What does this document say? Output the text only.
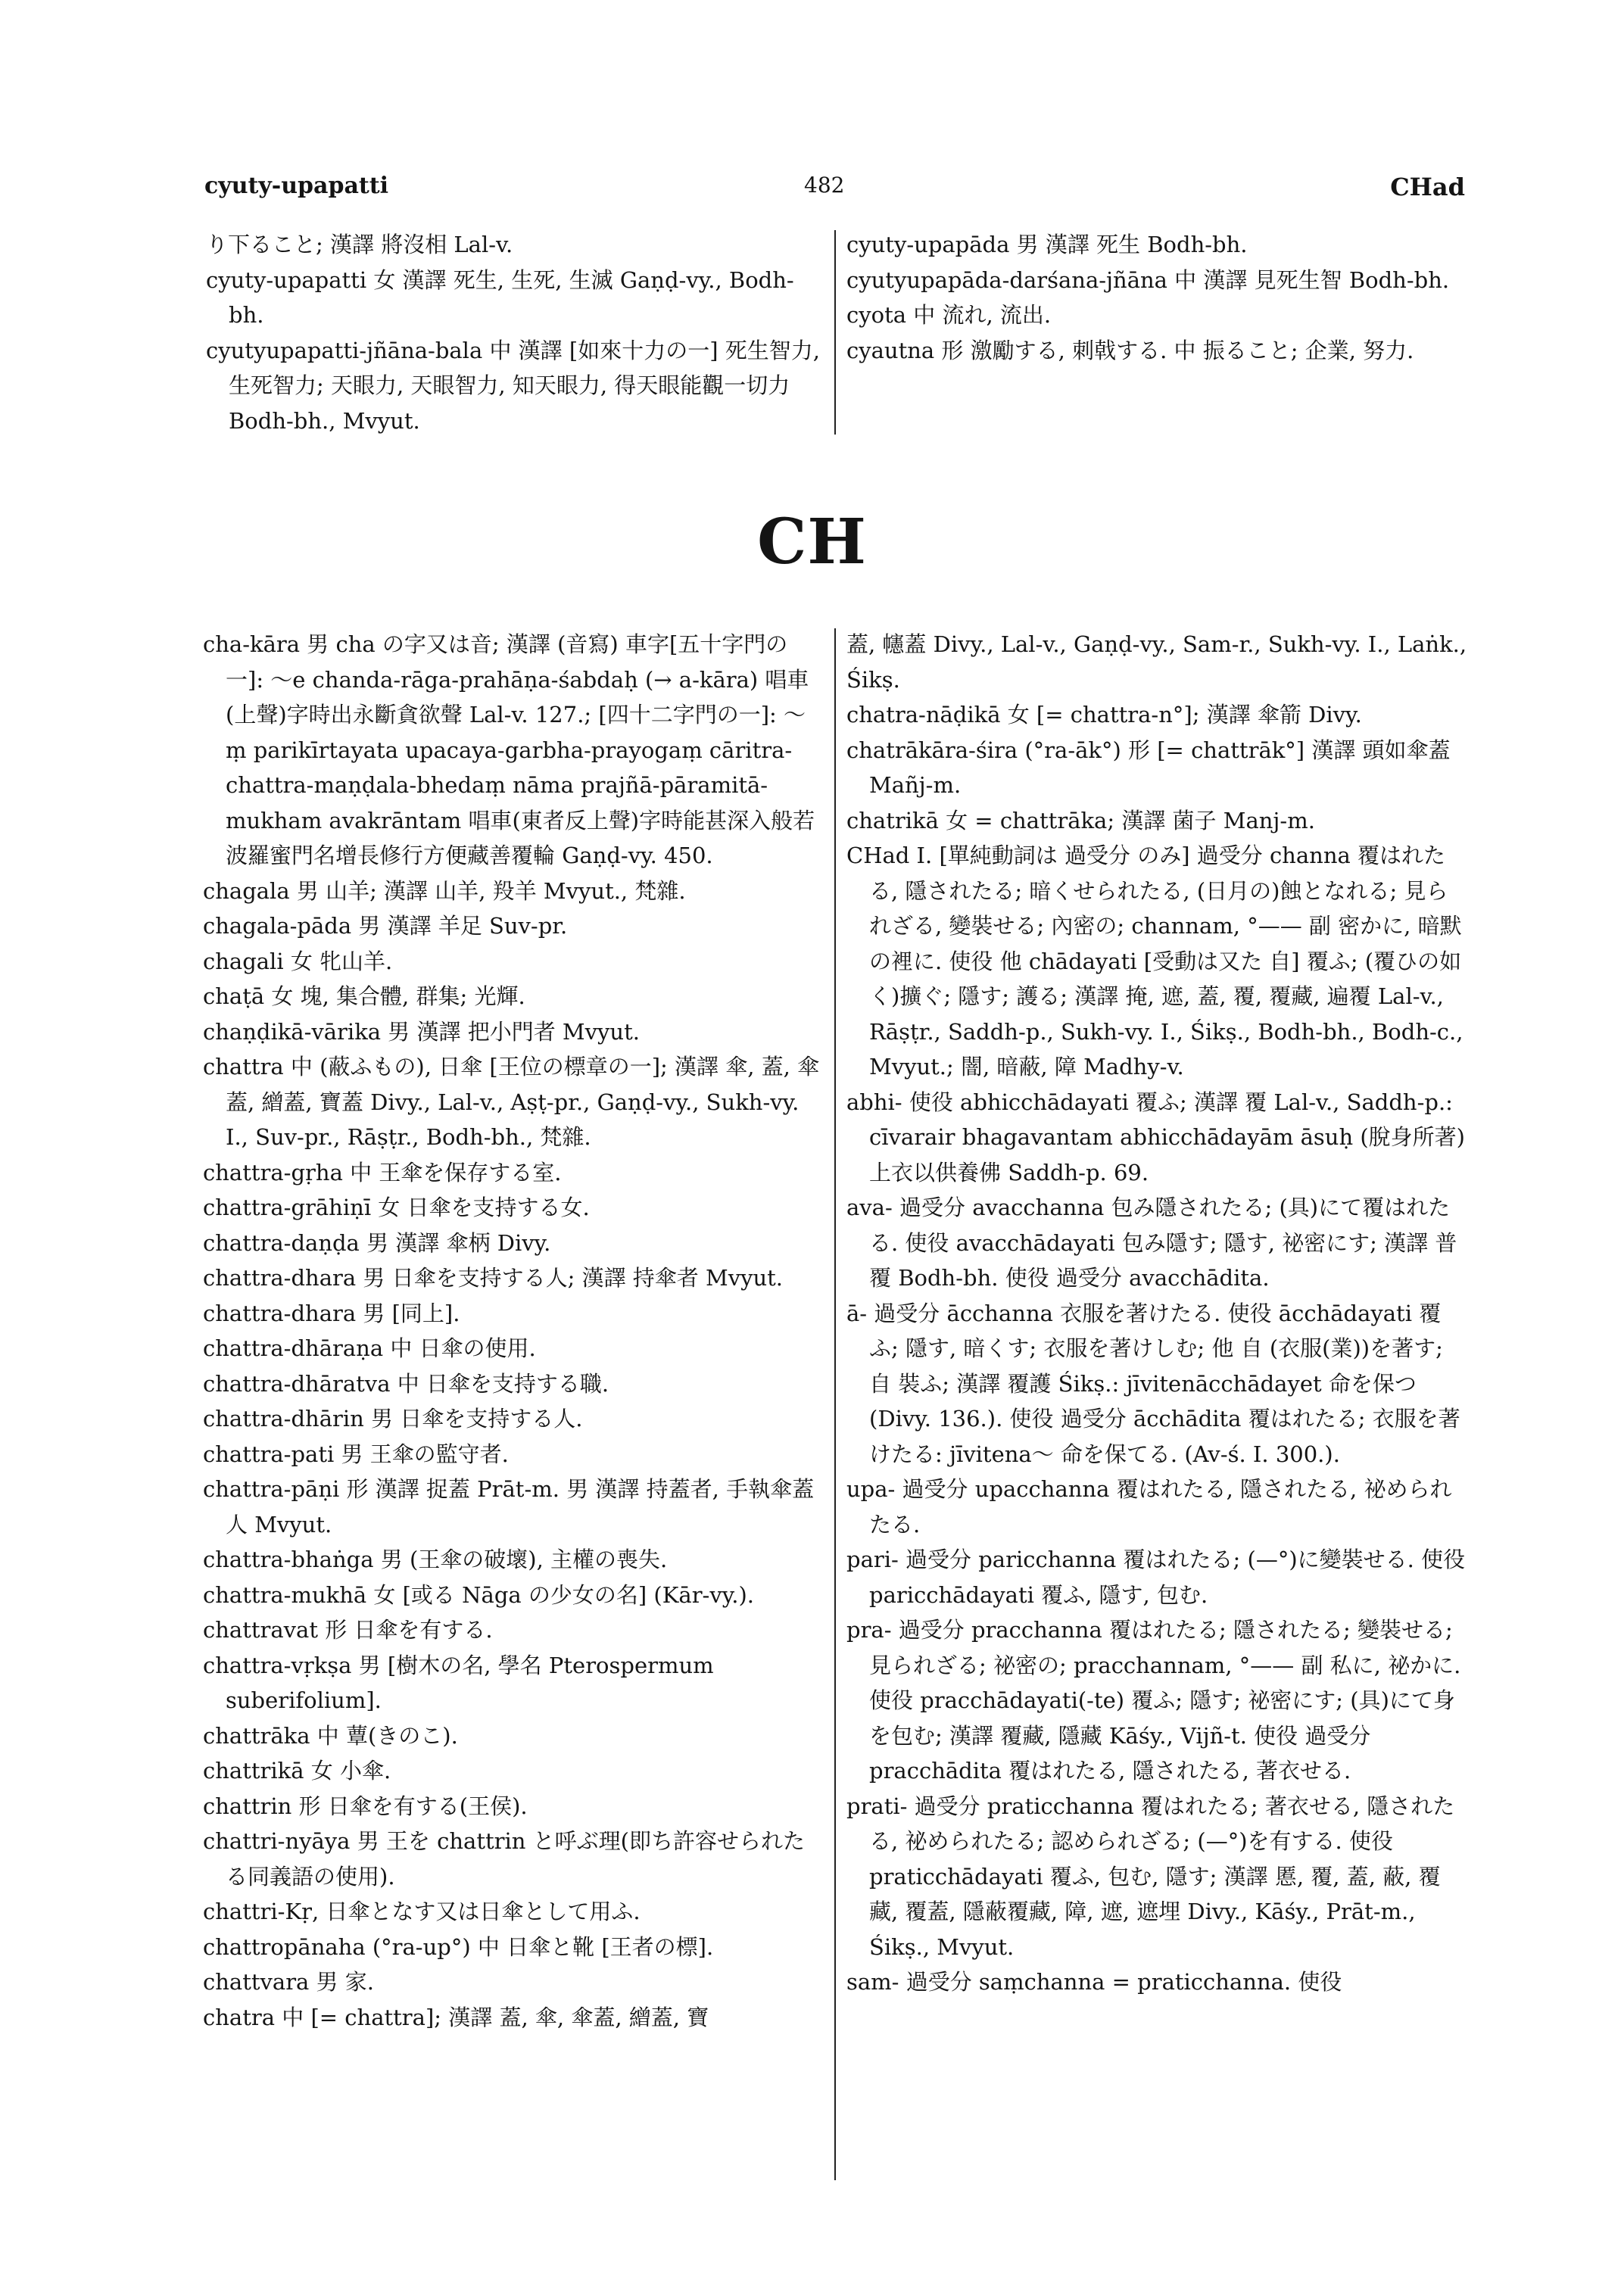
cyuty-upapatti	482	CHad

り下ること; 漢譯 將沒相 Lal-v.

cyuty-upapatti 女 漢譯 死生, 生死, 生滅 Gaṇḍ-vy., Bodh-bh.

cyutyupapatti-jñāna-bala 中 漢譯 [如來十力の一] 死生智力, 生死智力; 天眼力, 天眼智力, 知天眼力, 得天眼能觀一切力 Bodh-bh., Mvyut.

cyuty-upapāda 男 漢譯 死生 Bodh-bh.

cyutyupapāda-darśana-jñāna 中 漢譯 見死生智 Bodh-bh.

cyota 中 流れ, 流出.

cyautna 形 激勵する, 刺戟する. 中 振ること; 企業, 努力.

CH

cha-kāra 男 cha の字又は音; 漢譯 (音寫) 車字[五十字門の一]: ～e chanda-rāga-prahāṇa-śabdaḥ (→ a-kāra) 唱車(上聲)字時出永斷貪欲聲 Lal-v. 127.; [四十二字門の一]: ～ṃ parikīrtayata upacaya-garbha-prayogaṃ cāritra-chattra-maṇḍala-bhedaṃ nāma prajñā-pāramitā-mukham avakrāntam 唱車(東者反上聲)字時能甚深入般若波羅蜜門名增長修行方便藏善覆輪 Gaṇḍ-vy. 450.

chagala 男 山羊; 漢譯 山羊, 羖羊 Mvyut., 梵雜.

chagala-pāda 男 漢譯 羊足 Suv-pr.

chagali 女 牝山羊.

chaṭā 女 塊, 集合體, 群集; 光輝.

chaṇḍikā-vārika 男 漢譯 把小門者 Mvyut.

chattra 中 (蔽ふもの), 日傘 [王位の標章の一]; 漢譯 傘, 蓋, 傘蓋, 繒蓋, 寶蓋 Divy., Lal-v., Aṣṭ-pr., Gaṇḍ-vy., Sukh-vy. I., Suv-pr., Rāṣṭr., Bodh-bh., 梵雜.

chattra-gṛha 中 王傘を保存する室.

chattra-grāhiṇī 女 日傘を支持する女.

chattra-daṇḍa 男 漢譯 傘柄 Divy.

chattra-dhara 男 日傘を支持する人; 漢譯 持傘者 Mvyut.

chattra-dhara 男 [同上].

chattra-dhāraṇa 中 日傘の使用.

chattra-dhāratva 中 日傘を支持する職.

chattra-dhārin 男 日傘を支持する人.

chattra-pati 男 王傘の監守者.

chattra-pāṇi 形 漢譯 捉蓋 Prāt-m. 男 漢譯 持蓋者, 手執傘蓋人 Mvyut.

chattra-bhaṅga 男 (王傘の破壞), 主權の喪失.

chattra-mukhā 女 [或る Nāga の少女の名] (Kār-vy.).

chattravat 形 日傘を有する.

chattra-vṛkṣa 男 [樹木の名, 學名 Pterospermum suberifolium].

chattrāka 中 蕈(きのこ).

chattrikā 女 小傘.

chattrin 形 日傘を有する(王侯).

chattri-nyāya 男 王を chattrin と呼ぶ理(即ち許容せられたる同義語の使用).

chattri-Kṛ, 日傘となす又は日傘として用ふ.

chattropānaha (°ra-up°) 中 日傘と靴 [王者の標].

chattvara 男 家.

chatra 中 [= chattra]; 漢譯 蓋, 傘, 傘蓋, 繒蓋, 寶

蓋, 幰蓋 Divy., Lal-v., Gaṇḍ-vy., Sam-r., Sukh-vy. I., Laṅk., Śikṣ.

chatra-nāḍikā 女 [= chattra-n°]; 漢譯 傘箭 Divy.

chatrākāra-śira (°ra-āk°) 形 [= chattrāk°] 漢譯 頭如傘蓋 Mañj-m.

chatrikā 女 = chattrāka; 漢譯 菌子 Manj-m.

CHad I. [單純動詞は 過受分 のみ] 過受分 channa 覆はれたる, 隱されたる; 暗くせられたる, (日月の)蝕となれる; 見られざる, 變裝せる; 內密の; channam, °—— 副 密かに, 暗默の裡に. 使役 他 chādayati [受動は又た 自] 覆ふ; (覆ひの如く)擴ぐ; 隱す; 護る; 漢譯 掩, 遮, 蓋, 覆, 覆藏, 遍覆 Lal-v., Rāṣṭr., Saddh-p., Sukh-vy. I., Śikṣ., Bodh-bh., Bodh-c., Mvyut.; 闇, 暗蔽, 障 Madhy-v.

abhi- 使役 abhicchādayati 覆ふ; 漢譯 覆 Lal-v., Saddh-p.: cīvarair bhagavantam abhicchādayām āsuḥ (脫身所著)上衣以供養佛 Saddh-p. 69.

ava- 過受分 avacchanna 包み隱されたる; (具)にて覆はれたる. 使役 avacchādayati 包み隱す; 隱す, 祕密にす; 漢譯 普覆 Bodh-bh. 使役 過受分 avacchādita.

ā- 過受分 ācchanna 衣服を著けたる. 使役 ācchādayati 覆ふ; 隱す, 暗くす; 衣服を著けしむ; 他 自 (衣服(業))を著す; 自 裝ふ; 漢譯 覆護 Śikṣ.: jīvitenācchādayet 命を保つ (Divy. 136.). 使役 過受分 ācchādita 覆はれたる; 衣服を著けたる: jīvitena～ 命を保てる. (Av-ś. I. 300.).

upa- 過受分 upacchanna 覆はれたる, 隱されたる, 祕められたる.

pari- 過受分 paricchanna 覆はれたる; (—°)に變裝せる. 使役 paricchādayati 覆ふ, 隱す, 包む.

pra- 過受分 pracchanna 覆はれたる; 隱されたる; 變裝せる; 見られざる; 祕密の; pracchannam, °—— 副 私に, 祕かに. 使役 pracchādayati(-te) 覆ふ; 隱す; 祕密にす; (具)にて身を包む; 漢譯 覆藏, 隱藏 Kāśy., Vijñ-t. 使役 過受分 pracchādita 覆はれたる, 隱されたる, 著衣せる.

prati- 過受分 praticchanna 覆はれたる; 著衣せる, 隱されたる, 祕められたる; 認められざる; (—°)を有する. 使役 praticchādayati 覆ふ, 包む, 隱す; 漢譯 慝, 覆, 蓋, 蔽, 覆藏, 覆蓋, 隱蔽覆藏, 障, 遮, 遮埋 Divy., Kāśy., Prāt-m., Śikṣ., Mvyut.

sam- 過受分 saṃchanna = praticchanna. 使役
